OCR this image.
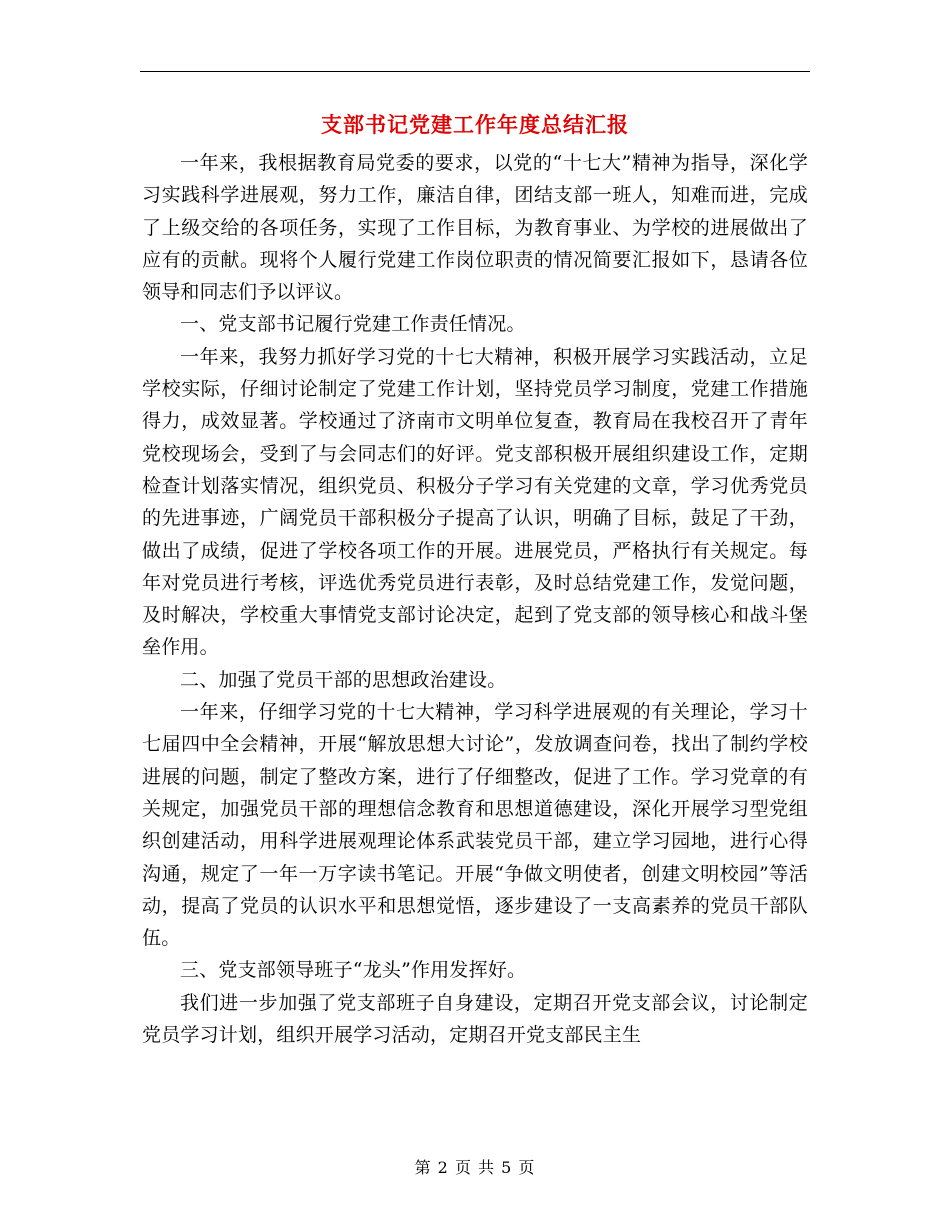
支部书记党建工作年度总结汇报

一年来，我根据教育局党委的要求，以党的“十七大”精神为指导，深化学习实践科学进展观，努力工作，廉洁自律，团结支部一班人，知难而进，完成了上级交给的各项任务，实现了工作目标，为教育事业、为学校的进展做出了应有的贡献。现将个人履行党建工作岗位职责的情况简要汇报如下，恳请各位领导和同志们予以评议。

一、党支部书记履行党建工作责任情况。

一年来，我努力抓好学习党的十七大精神，积极开展学习实践活动，立足学校实际，仔细讨论制定了党建工作计划，坚持党员学习制度，党建工作措施得力，成效显著。学校通过了济南市文明单位复查，教育局在我校召开了青年党校现场会，受到了与会同志们的好评。党支部积极开展组织建设工作，定期检查计划落实情况，组织党员、积极分子学习有关党建的文章，学习优秀党员的先进事迹，广阔党员干部积极分子提高了认识，明确了目标，鼓足了干劲，做出了成绩，促进了学校各项工作的开展。进展党员，严格执行有关规定。每年对党员进行考核，评选优秀党员进行表彰，及时总结党建工作，发觉问题，及时解决，学校重大事情党支部讨论决定，起到了党支部的领导核心和战斗堡垒作用。

二、加强了党员干部的思想政治建设。

一年来，仔细学习党的十七大精神，学习科学进展观的有关理论，学习十七届四中全会精神，开展“解放思想大讨论”，发放调查问卷，找出了制约学校进展的问题，制定了整改方案，进行了仔细整改，促进了工作。学习党章的有关规定，加强党员干部的理想信念教育和思想道德建设，深化开展学习型党组织创建活动，用科学进展观理论体系武装党员干部，建立学习园地，进行心得沟通，规定了一年一万字读书笔记。开展“争做文明使者，创建文明校园”等活动，提高了党员的认识水平和思想觉悟，逐步建设了一支高素养的党员干部队伍。

三、党支部领导班子“龙头”作用发挥好。

我们进一步加强了党支部班子自身建设，定期召开党支部会议，讨论制定党员学习计划，组织开展学习活动，定期召开党支部民主生

第 2 页 共 5 页
